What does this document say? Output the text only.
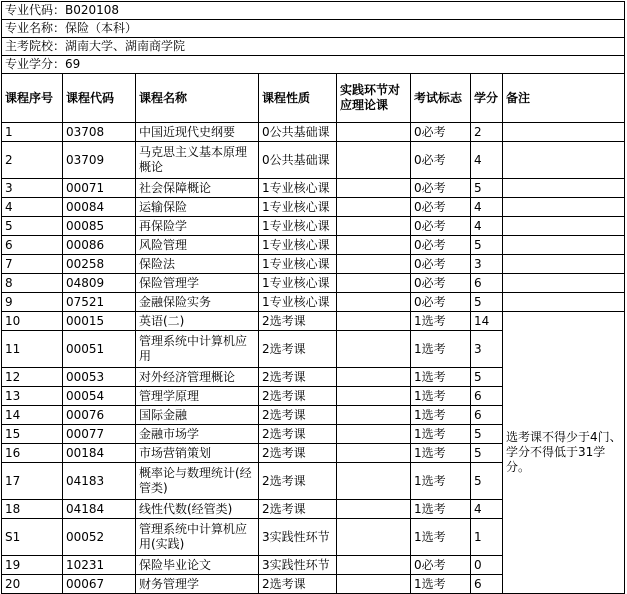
专业代码：B020108								
专业名称：保险（本科）								
主考院校：湖南大学、湖南商学院								
专业学分：69								
课程序号	课程代码	课程名称	课程性质	实践环节对应理论课	考试标志	学分	备注	
1	03708	中国近现代史纲要	0公共基础课		0必考	2		
2	03709	马克思主义基本原理概论	0公共基础课		0必考	4		
3	00071	社会保障概论	1专业核心课		0必考	5		
4	00084	运输保险	1专业核心课		0必考	4		
5	00085	再保险学	1专业核心课		0必考	4		
6	00086	风险管理	1专业核心课		0必考	5		
7	00258	保险法	1专业核心课		0必考	3		
8	04809	保险管理学	1专业核心课		0必考	6		
9	07521	金融保险实务	1专业核心课		0必考	5		
10	00015	英语(二)	2选考课		1选考	14	选考课不得少于4门、学分不得低于31学分。	
11	00051	管理系统中计算机应用	2选考课		1选考	3		
12	00053	对外经济管理概论	2选考课		1选考	5		
13	00054	管理学原理	2选考课		1选考	6		
14	00076	国际金融	2选考课		1选考	6		
15	00077	金融市场学	2选考课		1选考	5		
16	00184	市场营销策划	2选考课		1选考	5		
17	04183	概率论与数理统计(经管类)	2选考课		1选考	5		
18	04184	线性代数(经管类)	2选考课		1选考	4		
S1	00052	管理系统中计算机应用(实践)	3实践性环节		1选考	1		
19	10231	保险毕业论文	3实践性环节		0必考	0		
20	00067	财务管理学	2选考课		1选考	6		
